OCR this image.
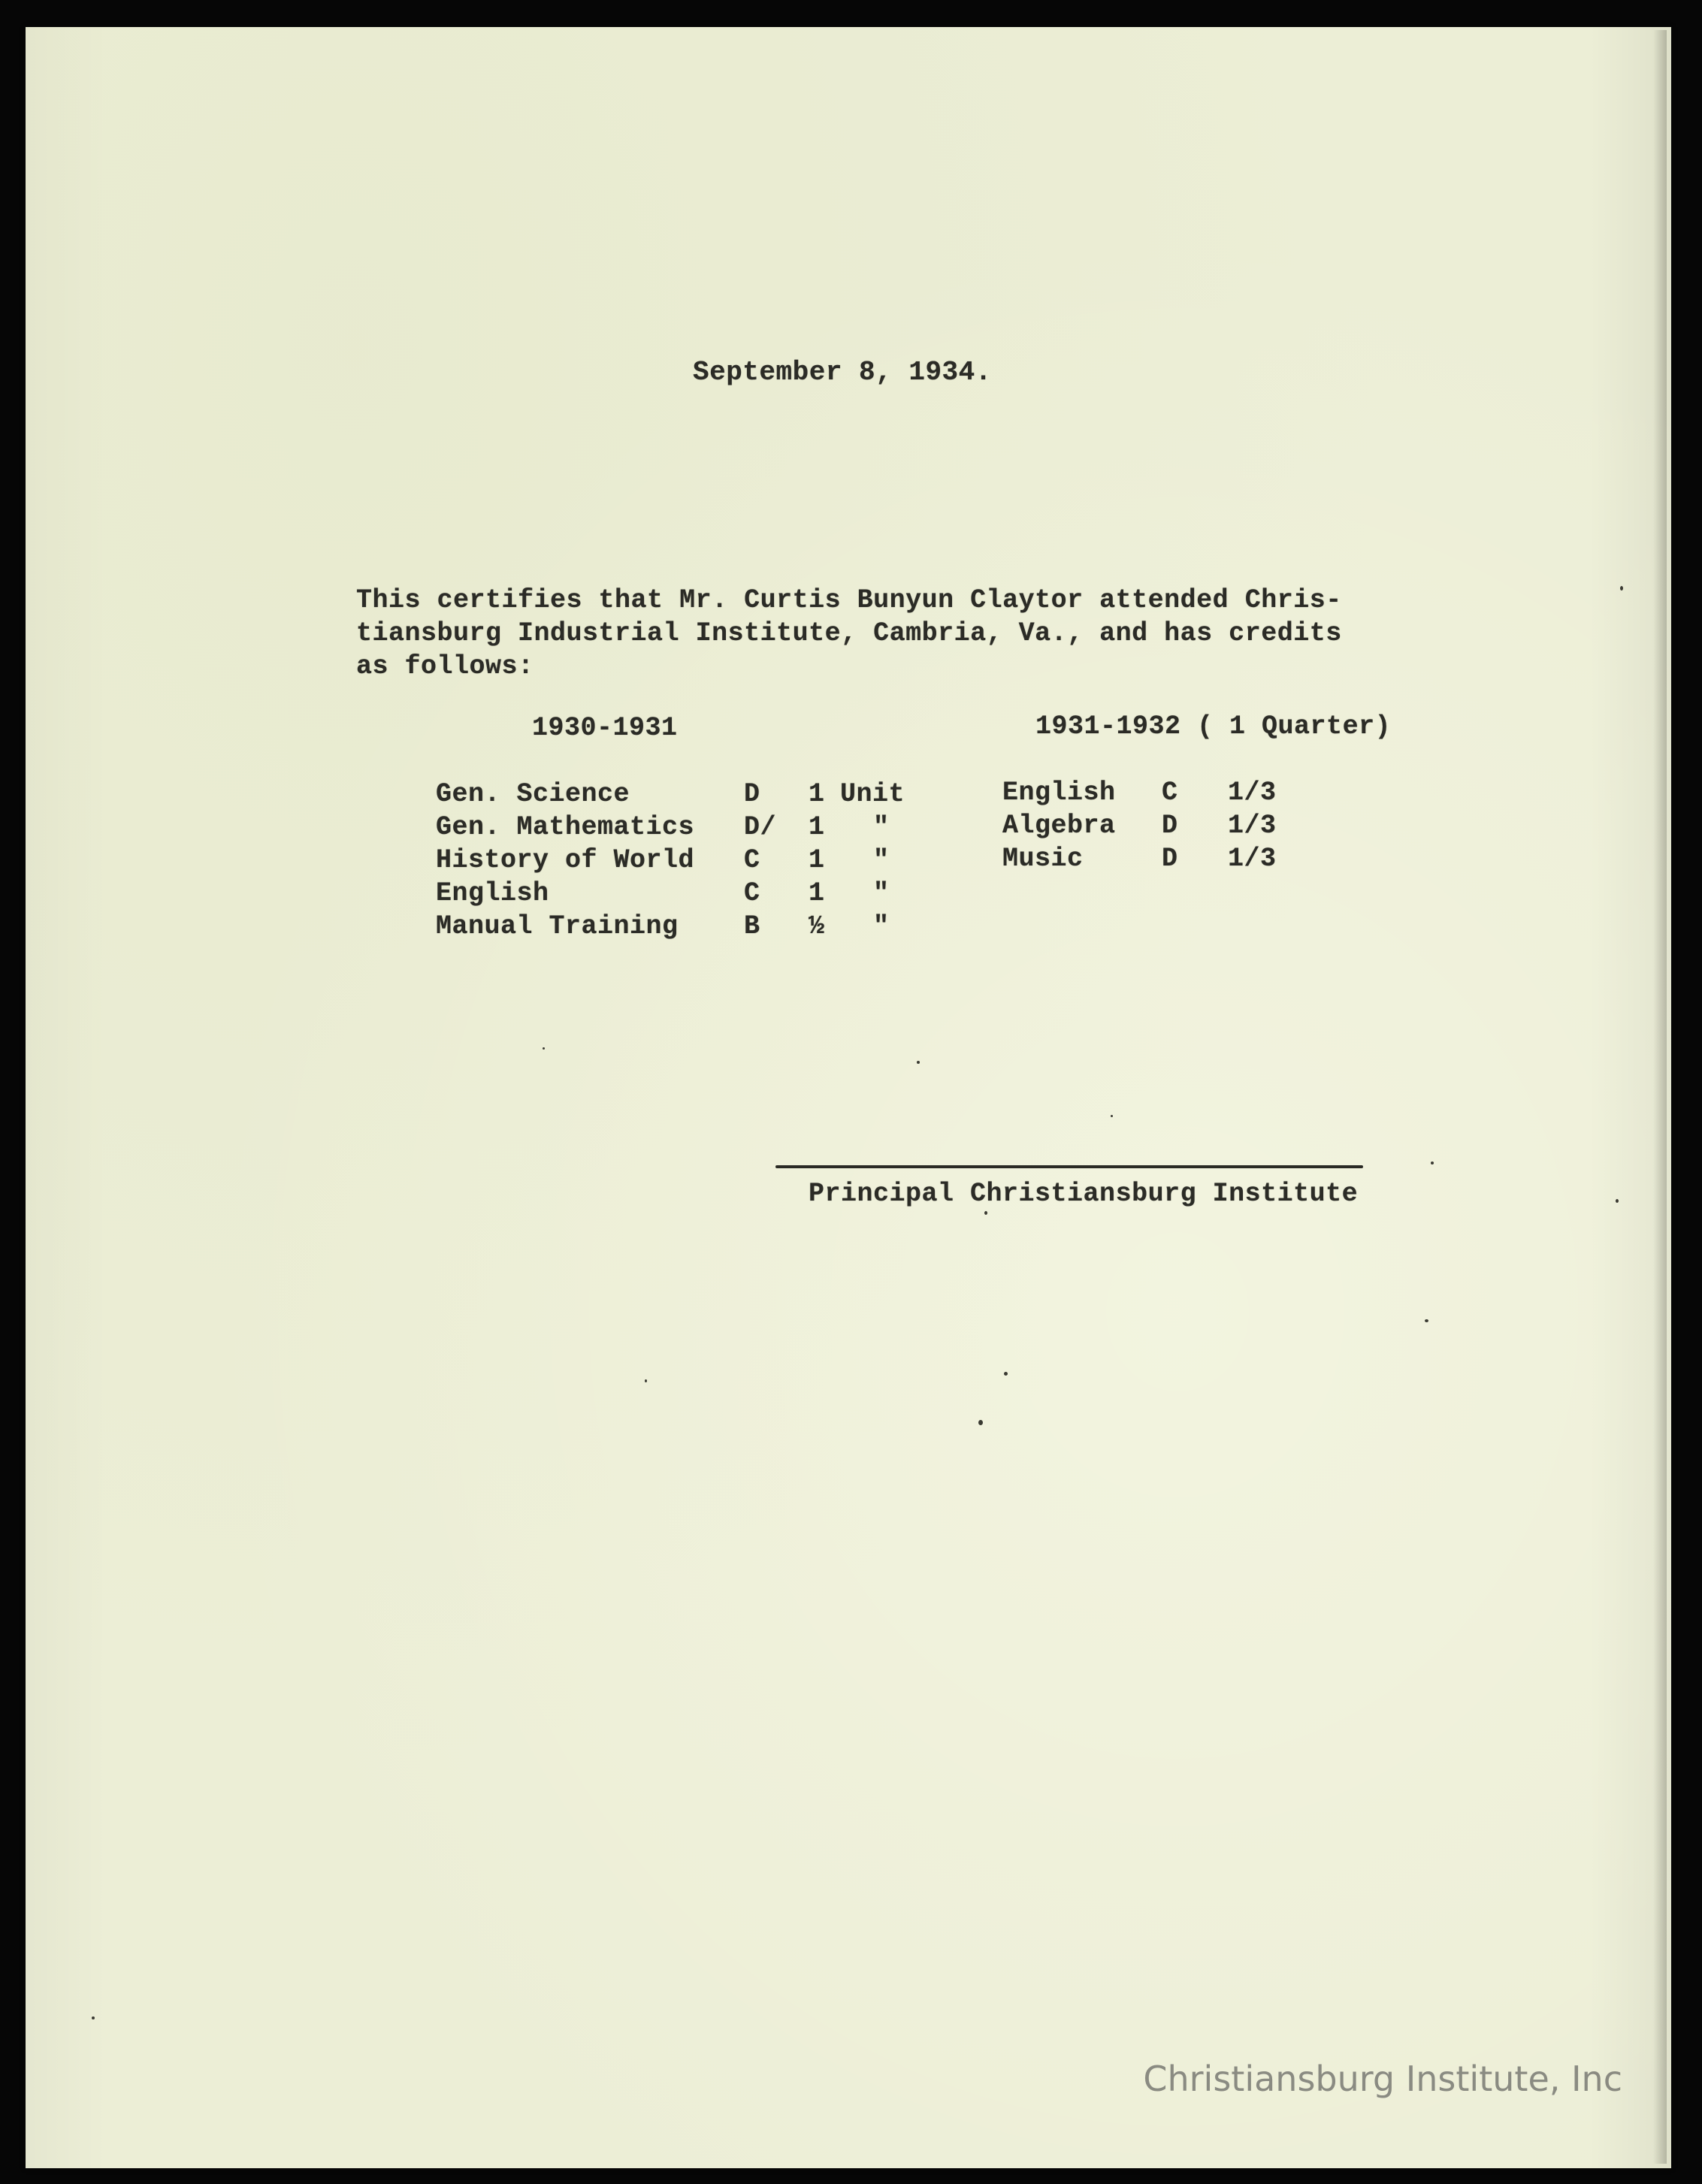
September 8, 1934.
This certifies that Mr. Curtis Bunyun Claytor attended Chris-
tiansburg Industrial Institute, Cambria, Va., and has credits
as follows:
1930-1931
Gen. Science	D 1 Unit
Gen. Mathematics D/ 1 "
History of World C 1 "
English	C 1 "
Manual Training B ½ "
1931-1932 ( 1 Quarter)
English C 1/3
Algebra D 1/3
Music	D 1/3
Principal Christiansburg Institute
Christiansburg Institute, Inc
